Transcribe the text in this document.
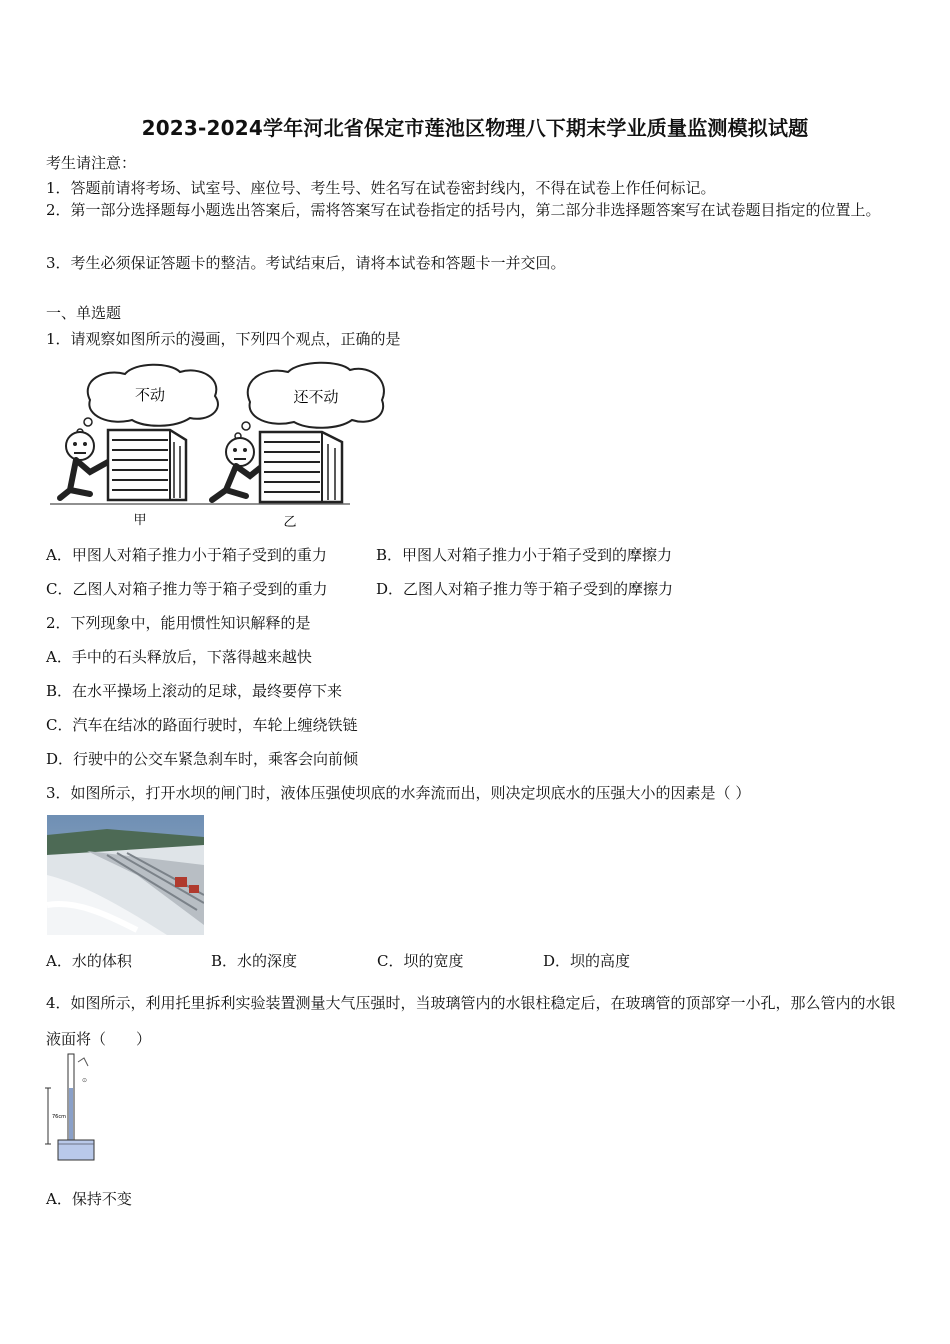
2023-2024学年河北省保定市莲池区物理八下期末学业质量监测模拟试题
考生请注意：
1．答题前请将考场、试室号、座位号、考生号、姓名写在试卷密封线内，不得在试卷上作任何标记。
2．第一部分选择题每小题选出答案后，需将答案写在试卷指定的括号内，第二部分非选择题答案写在试卷题目指定的位置上。
3．考生必须保证答题卡的整洁。考试结束后，请将本试卷和答题卡一并交回。
一、单选题
1．请观察如图所示的漫画，下列四个观点，正确的是
不动	还不动
甲	乙
A．甲图人对箱子推力小于箱子受到的重力	B．甲图人对箱子推力小于箱子受到的摩擦力
C．乙图人对箱子推力等于箱子受到的重力	D．乙图人对箱子推力等于箱子受到的摩擦力
2．下列现象中，能用惯性知识解释的是
A．手中的石头释放后，下落得越来越快
B．在水平操场上滚动的足球，最终要停下来
C．汽车在结冰的路面行驶时，车轮上缠绕铁链
D．行驶中的公交车紧急刹车时，乘客会向前倾
3．如图所示，打开水坝的闸门时，液体压强使坝底的水奔流而出，则决定坝底水的压强大小的因素是（ ）
A．水的体积	B．水的深度	C．坝的宽度	D．坝的高度
4．如图所示，利用托里拆利实验装置测量大气压强时，当玻璃管内的水银柱稳定后，在玻璃管的顶部穿一小孔，那么管内的水银液面将（　　）
76cm
⊙
A．保持不变
